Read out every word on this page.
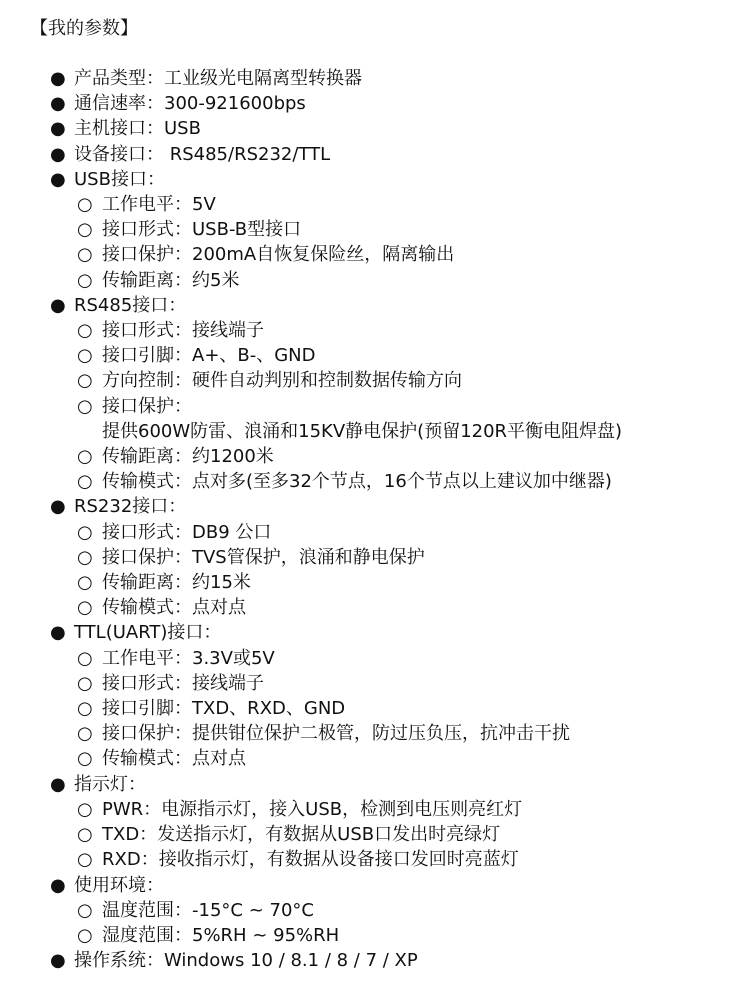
【我的参数】
● 产品类型：工业级光电隔离型转换器
● 通信速率：300-921600bps
● 主机接口：USB
● 设备接口： RS485/RS232/TTL
● USB接口：
○ 工作电平：5V
○ 接口形式：USB-B型接口
○ 接口保护：200mA自恢复保险丝，隔离输出
○ 传输距离：约5米
● RS485接口：
○ 接口形式：接线端子
○ 接口引脚：A+、B-、GND
○ 方向控制：硬件自动判别和控制数据传输方向
○ 接口保护：提供600W防雷、浪涌和15KV静电保护(预留120R平衡电阻焊盘)
○ 传输距离：约1200米
○ 传输模式：点对多(至多32个节点，16个节点以上建议加中继器)
● RS232接口：
○ 接口形式：DB9 公口
○ 接口保护：TVS管保护，浪涌和静电保护
○ 传输距离：约15米
○ 传输模式：点对点
● TTL(UART)接口：
○ 工作电平：3.3V或5V
○ 接口形式：接线端子
○ 接口引脚：TXD、RXD、GND
○ 接口保护：提供钳位保护二极管，防过压负压，抗冲击干扰
○ 传输模式：点对点
● 指示灯：
○ PWR：电源指示灯，接入USB，检测到电压则亮红灯
○ TXD：发送指示灯，有数据从USB口发出时亮绿灯
○ RXD：接收指示灯，有数据从设备接口发回时亮蓝灯
● 使用环境：
○ 温度范围：-15°C ~ 70°C
○ 湿度范围：5%RH ~ 95%RH
● 操作系统：Windows 10 / 8.1 / 8 / 7 / XP
